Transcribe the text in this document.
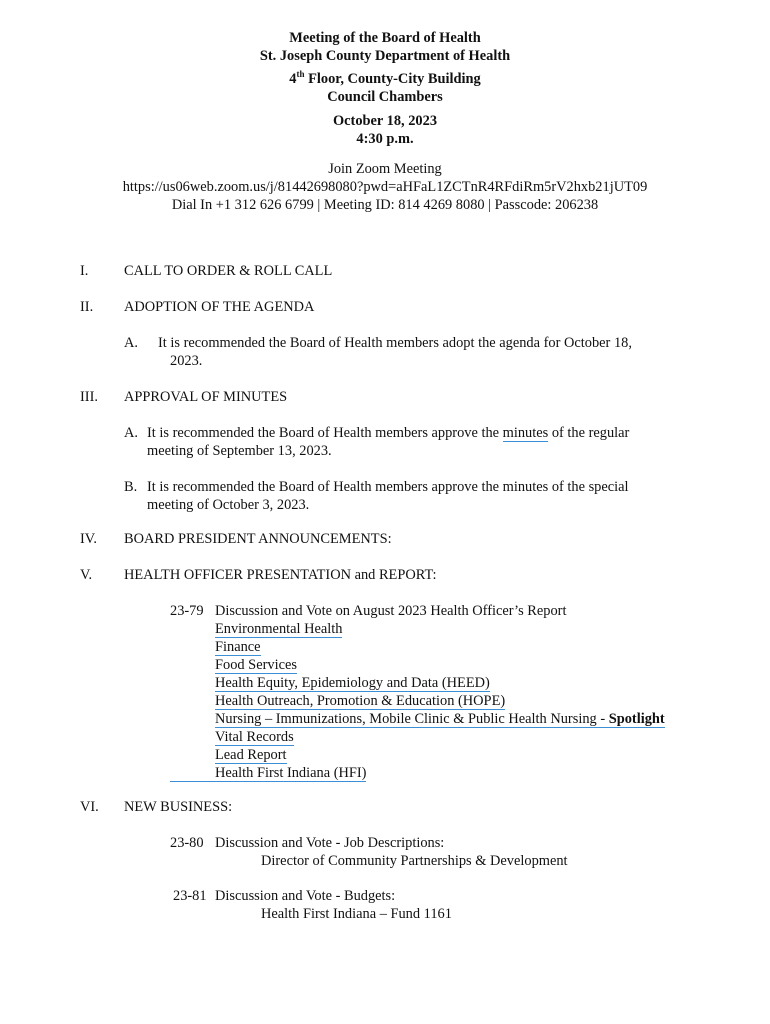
Meeting of the Board of Health
St. Joseph County Department of Health
4th Floor, County-City Building
Council Chambers
October 18, 2023
4:30 p.m.
Join Zoom Meeting
https://us06web.zoom.us/j/81442698080?pwd=aHFaL1ZCTnR4RFdiRm5rV2hxb21jUT09
Dial In +1 312 626 6799 | Meeting ID: 814 4269 8080 | Passcode: 206238
I. CALL TO ORDER & ROLL CALL
II. ADOPTION OF THE AGENDA
A. It is recommended the Board of Health members adopt the agenda for October 18,
2023.
III. APPROVAL OF MINUTES
A. It is recommended the Board of Health members approve the minutes of the regular
meeting of September 13, 2023.
B. It is recommended the Board of Health members approve the minutes of the special
meeting of October 3, 2023.
IV. BOARD PRESIDENT ANNOUNCEMENTS:
V. HEALTH OFFICER PRESENTATION and REPORT:
23-79 Discussion and Vote on August 2023 Health Officer’s Report
Environmental Health
Finance
Food Services
Health Equity, Epidemiology and Data (HEED)
Health Outreach, Promotion & Education (HOPE)
Nursing – Immunizations, Mobile Clinic & Public Health Nursing - Spotlight
Vital Records
Lead Report
Health First Indiana (HFI)
VI. NEW BUSINESS:
23-80 Discussion and Vote - Job Descriptions:
Director of Community Partnerships & Development
23-81 Discussion and Vote - Budgets:
Health First Indiana – Fund 1161
